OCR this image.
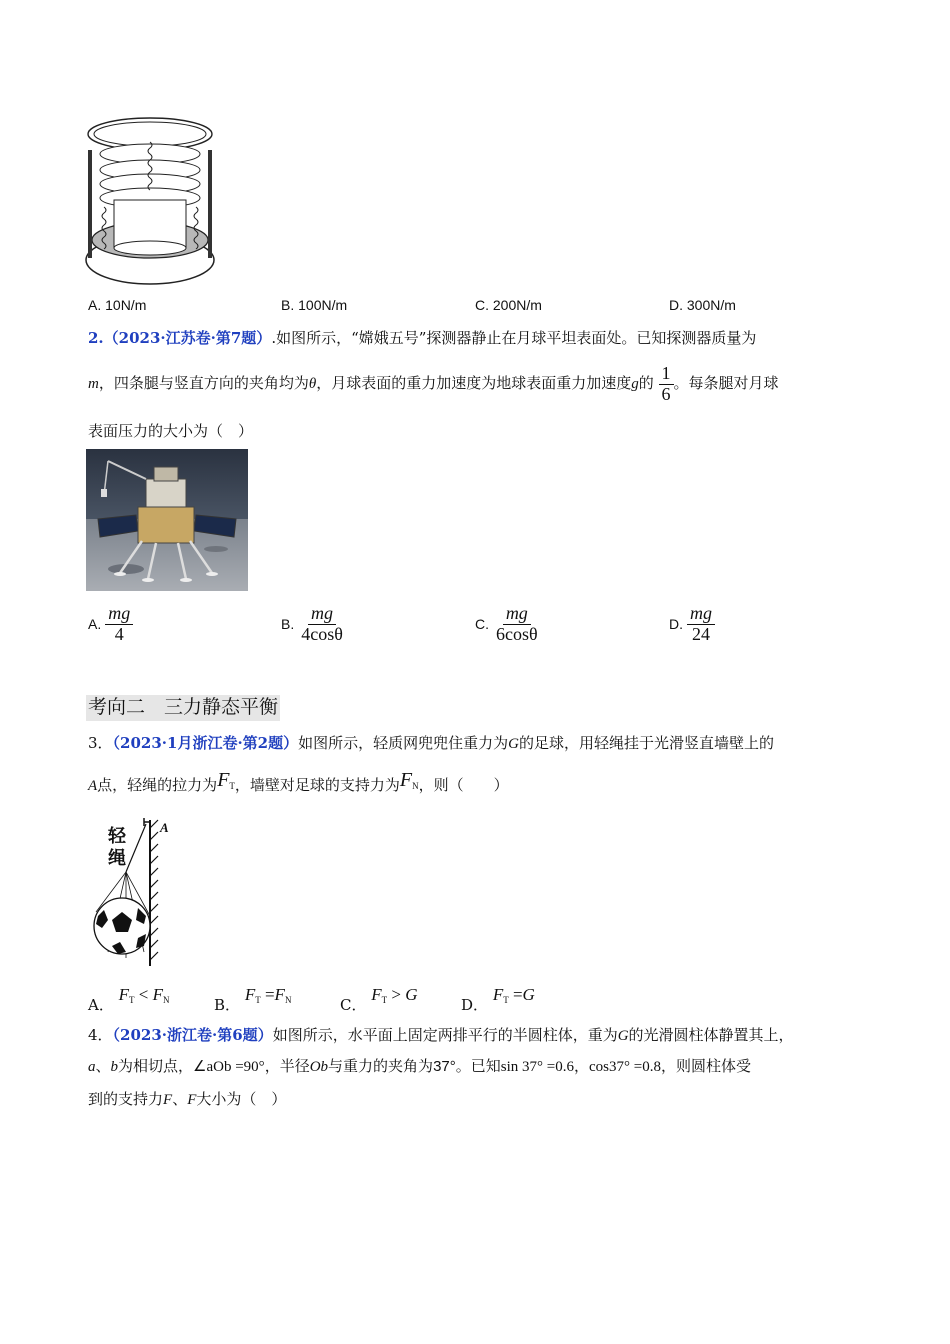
A. 10N/m	B. 100N/m	C. 200N/m	D. 300N/m
2.（2023·江苏卷·第7题）.如图所示，“嫦娥五号”探测器静止在月球平坦表面处。已知探测器质量为
m，四条腿与竖直方向的夹角均为θ，月球表面的重力加速度为地球表面重力加速度g的 $\frac{1}{6}$ 。每条腿对月球
表面压力的大小为（　）
A. $\frac{mg}{4}$	B. $\frac{mg}{4\cos\theta}$	C. $\frac{mg}{6\cos\theta}$	D. $\frac{mg}{24}$
考向二　三力静态平衡
3．（2023·1月浙江卷·第2题）如图所示，轻质网兜兜住重力为G的足球，用轻绳挂于光滑竖直墙壁上的
A点，轻绳的拉力为$F_T$，墙壁对足球的支持力为$F_N$，则（　　）
轻绳
A
A． $F_T < F_N$	B． $F_T =F_N$	C． $F_T > G$
D． $F_T =G$
4．（2023·浙江卷·第6题）如图所示，水平面上固定两排平行的半圆柱体，重为G的光滑圆柱体静置其上，
a、b为相切点，∠aOb =90°，半径Ob与重力的夹角为37°。已知sin 37° =0.6，cos37° =0.8，则圆柱体受
到的支持力F、F大小为（　）
